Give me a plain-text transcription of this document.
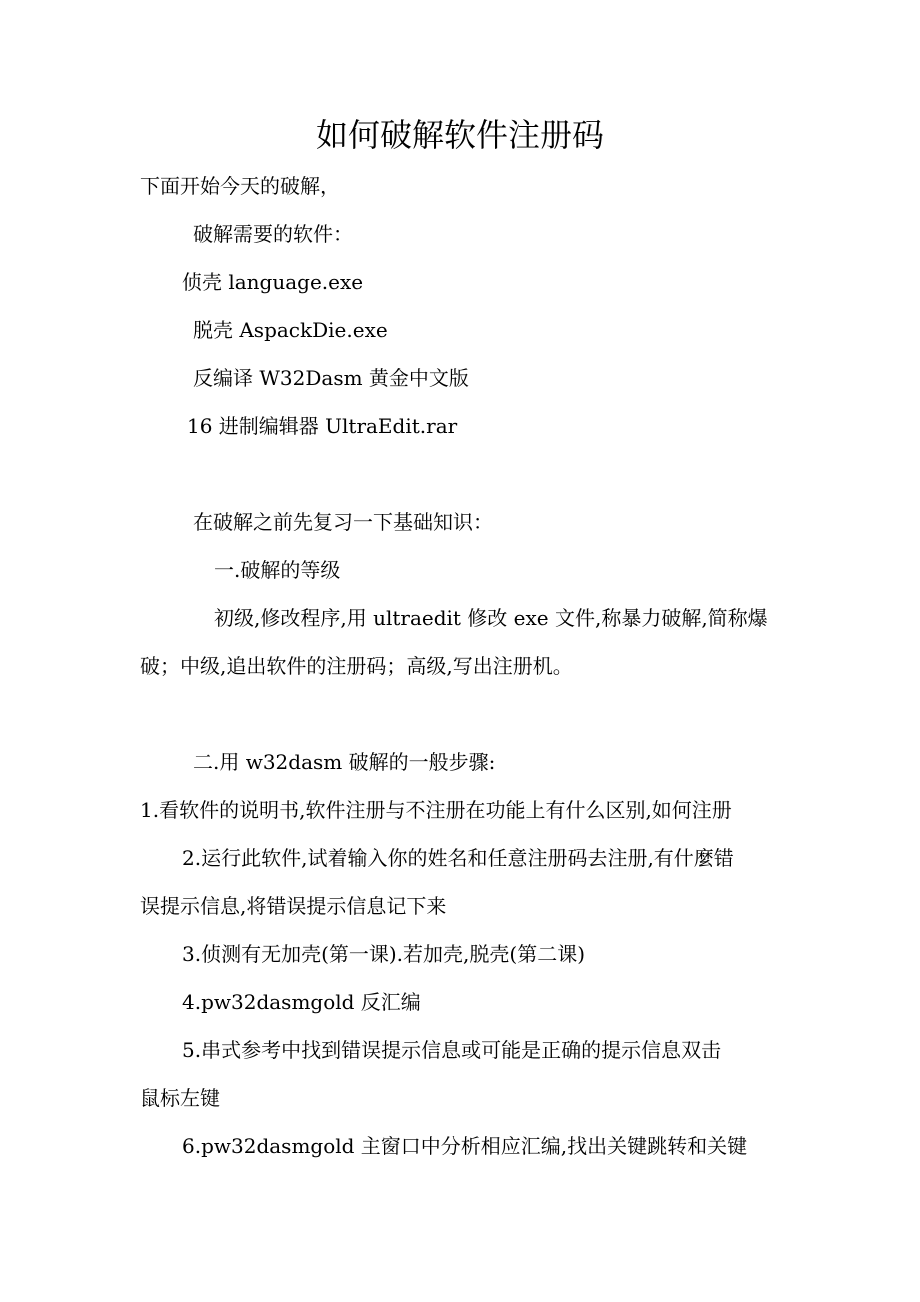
如何破解软件注册码
下面开始今天的破解，
破解需要的软件：
侦壳 language.exe
脱壳 AspackDie.exe
反编译 W32Dasm 黄金中文版
16 进制编辑器 UltraEdit.rar
在破解之前先复习一下基础知识：
一.破解的等级
初级,修改程序,用 ultraedit 修改 exe 文件,称暴力破解,简称爆
破；中级,追出软件的注册码；高级,写出注册机。
二.用 w32dasm 破解的一般步骤:
1.看软件的说明书,软件注册与不注册在功能上有什么区别,如何注册
2.运行此软件,试着输入你的姓名和任意注册码去注册,有什麼错
误提示信息,将错误提示信息记下来
3.侦测有无加壳(第一课).若加壳,脱壳(第二课)
4.pw32dasmgold 反汇编
5.串式参考中找到错误提示信息或可能是正确的提示信息双击
鼠标左键
6.pw32dasmgold 主窗口中分析相应汇编,找出关键跳转和关键
